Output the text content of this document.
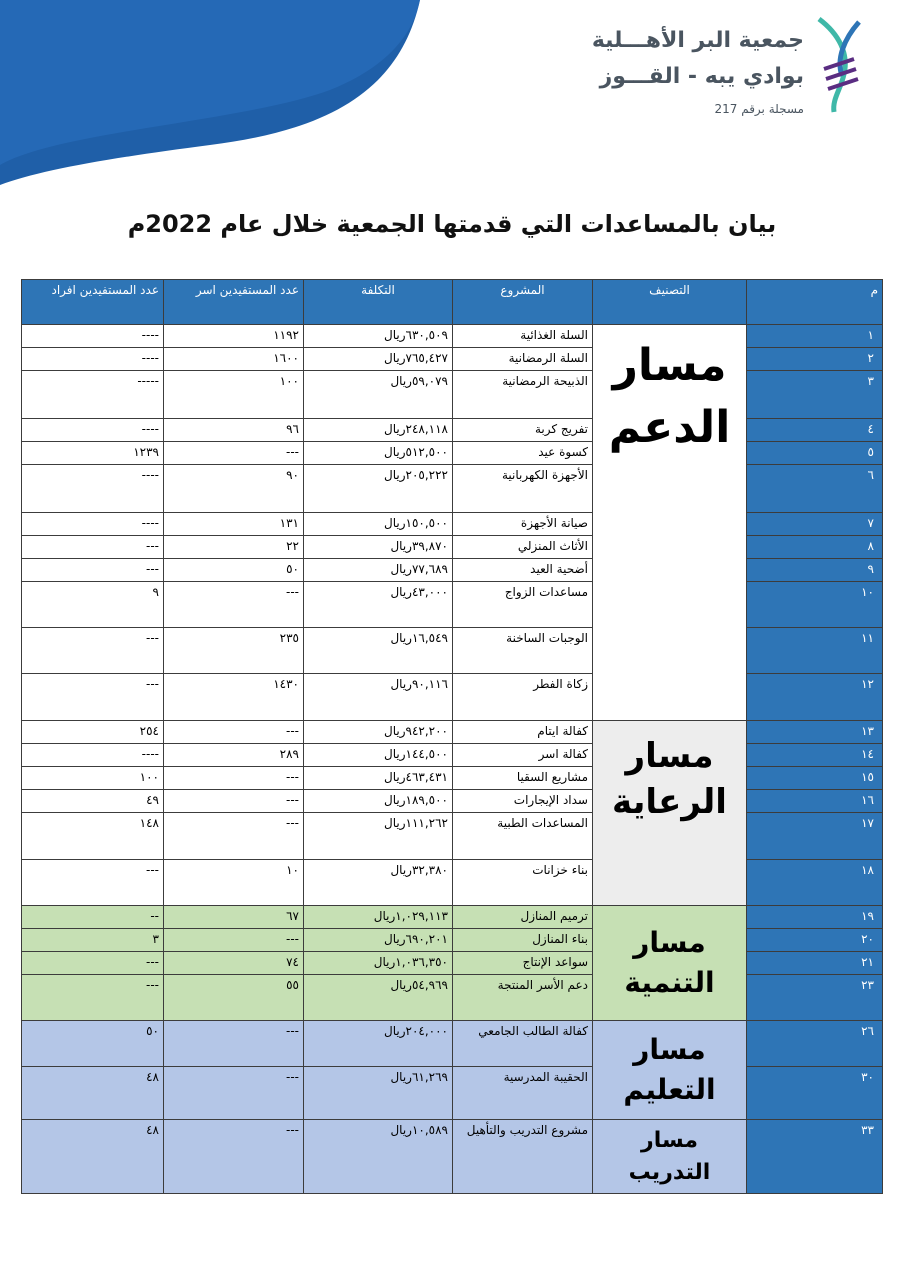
جمعية البر الأهـــلية
بوادي يبه - القـــوز
مسجلة برقم 217
بيان بالمساعدات التي قدمتها الجمعية خلال عام 2022م
م	التصنيف	المشروع	التكلفة	عدد المستفيدين اسر	عدد المستفيدين افراد
١	مسار الدعم	السلة الغذائية	٦٣٠,٥٠٩ريال	١١٩٢	----
٢		السلة الرمضانية	٧٦٥,٤٢٧ريال	١٦٠٠	----
٣		الذبيحة الرمضانية	٥٩,٠٧٩ريال	١٠٠	-----
٤		تفريج كربة	٢٤٨,١١٨ريال	٩٦	----
٥		كسوة عيد	٥١٢,٥٠٠ريال	---	١٢٣٩
٦		الأجهزة الكهربانية	٢٠٥,٢٢٢ريال	٩٠	----
٧		صيانة الأجهزة	١٥٠,٥٠٠ريال	١٣١	----
٨		الأثاث المنزلي	٣٩,٨٧٠ريال	٢٢	---
٩		أضحية العيد	٧٧,٦٨٩ريال	٥٠	---
١٠		مساعدات الزواج	٤٣,٠٠٠ريال	---	٩
١١		الوجبات الساخنة	١٦,٥٤٩ريال	٢٣٥	---
١٢		زكاة الفطر	٩٠,١١٦ريال	١٤٣٠	---
١٣	مسار الرعاية	كفالة ايتام	٩٤٢,٢٠٠ريال	---	٢٥٤
١٤		كفالة اسر	١٤٤,٥٠٠ريال	٢٨٩	----
١٥		مشاريع السقيا	٤٦٣,٤٣١ريال	---	١٠٠
١٦		سداد الإيجارات	١٨٩,٥٠٠ريال	---	٤٩
١٧		المساعدات الطبية	١١١,٢٦٢ريال	---	١٤٨
١٨		بناء خزانات	٣٢,٣٨٠ريال	١٠	---
١٩	مسار التنمية	ترميم المنازل	١,٠٢٩,١١٣ريال	٦٧	--
٢٠		بناء المنازل	٦٩٠,٢٠١ريال	---	٣
٢١		سواعد الإنتاج	١,٠٣٦,٣٥٠ريال	٧٤	---
٢٣		دعم الأسر المنتجة	٥٤,٩٦٩ريال	٥٥	---
٢٦	مسار التعليم	كفالة الطالب الجامعي	٢٠٤,٠٠٠ريال	---	٥٠
٣٠		الحقيبة المدرسية	٦١,٢٦٩ريال	---	٤٨
٣٣	مسار التدريب	مشروع التدريب والتأهيل	١٠,٥٨٩ريال	---	٤٨
